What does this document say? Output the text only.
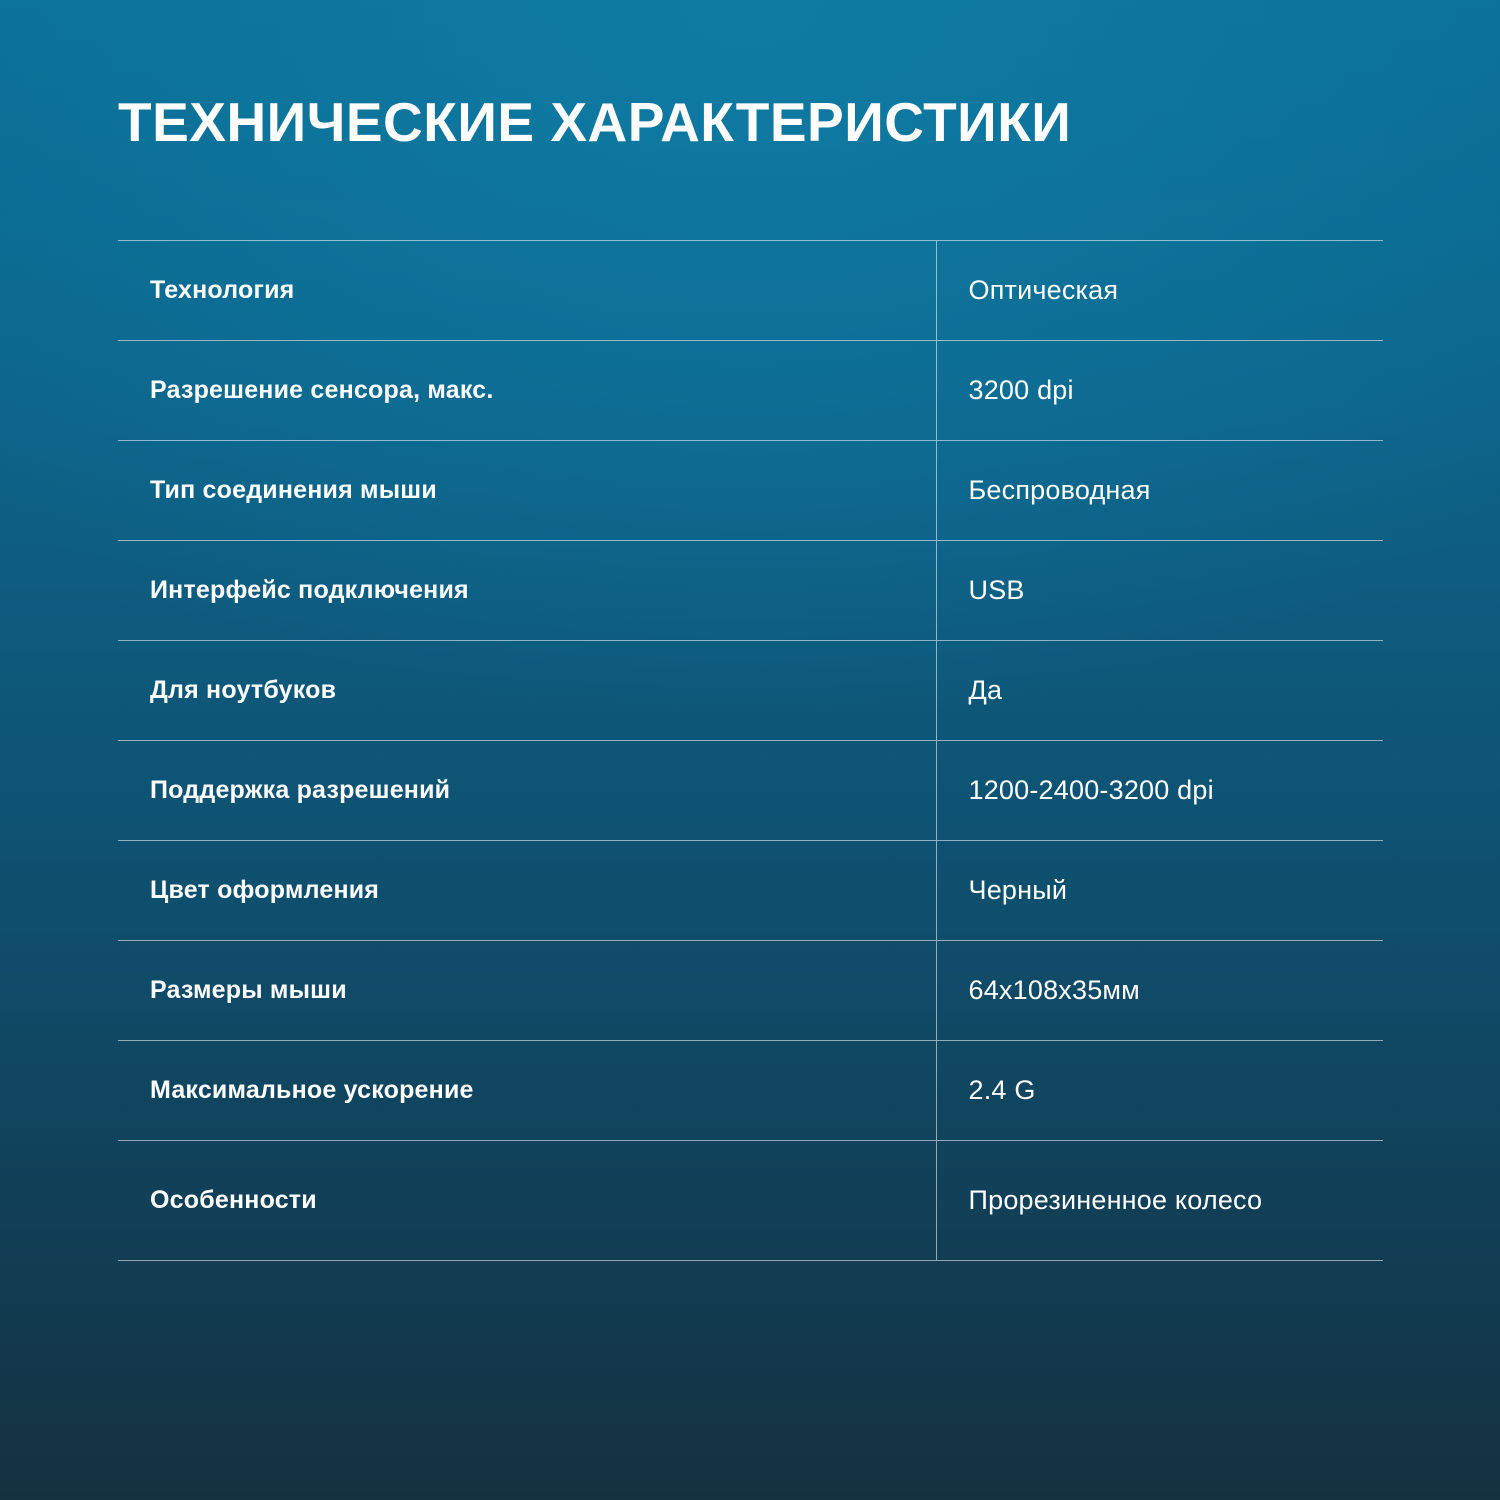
ТЕХНИЧЕСКИЕ ХАРАКТЕРИСТИКИ
Технология	Оптическая

Разрешение сенсора, макс.	3200 dpi

Тип соединения мыши	Беспроводная

Интерфейс подключения	USB

Для ноутбуков	Да

Поддержка разрешений	1200-2400-3200 dpi

Цвет оформления	Черный

Размеры мыши	64x108x35мм

Максимальное ускорение	2.4 G

Особенности	Прорезиненное колесо
